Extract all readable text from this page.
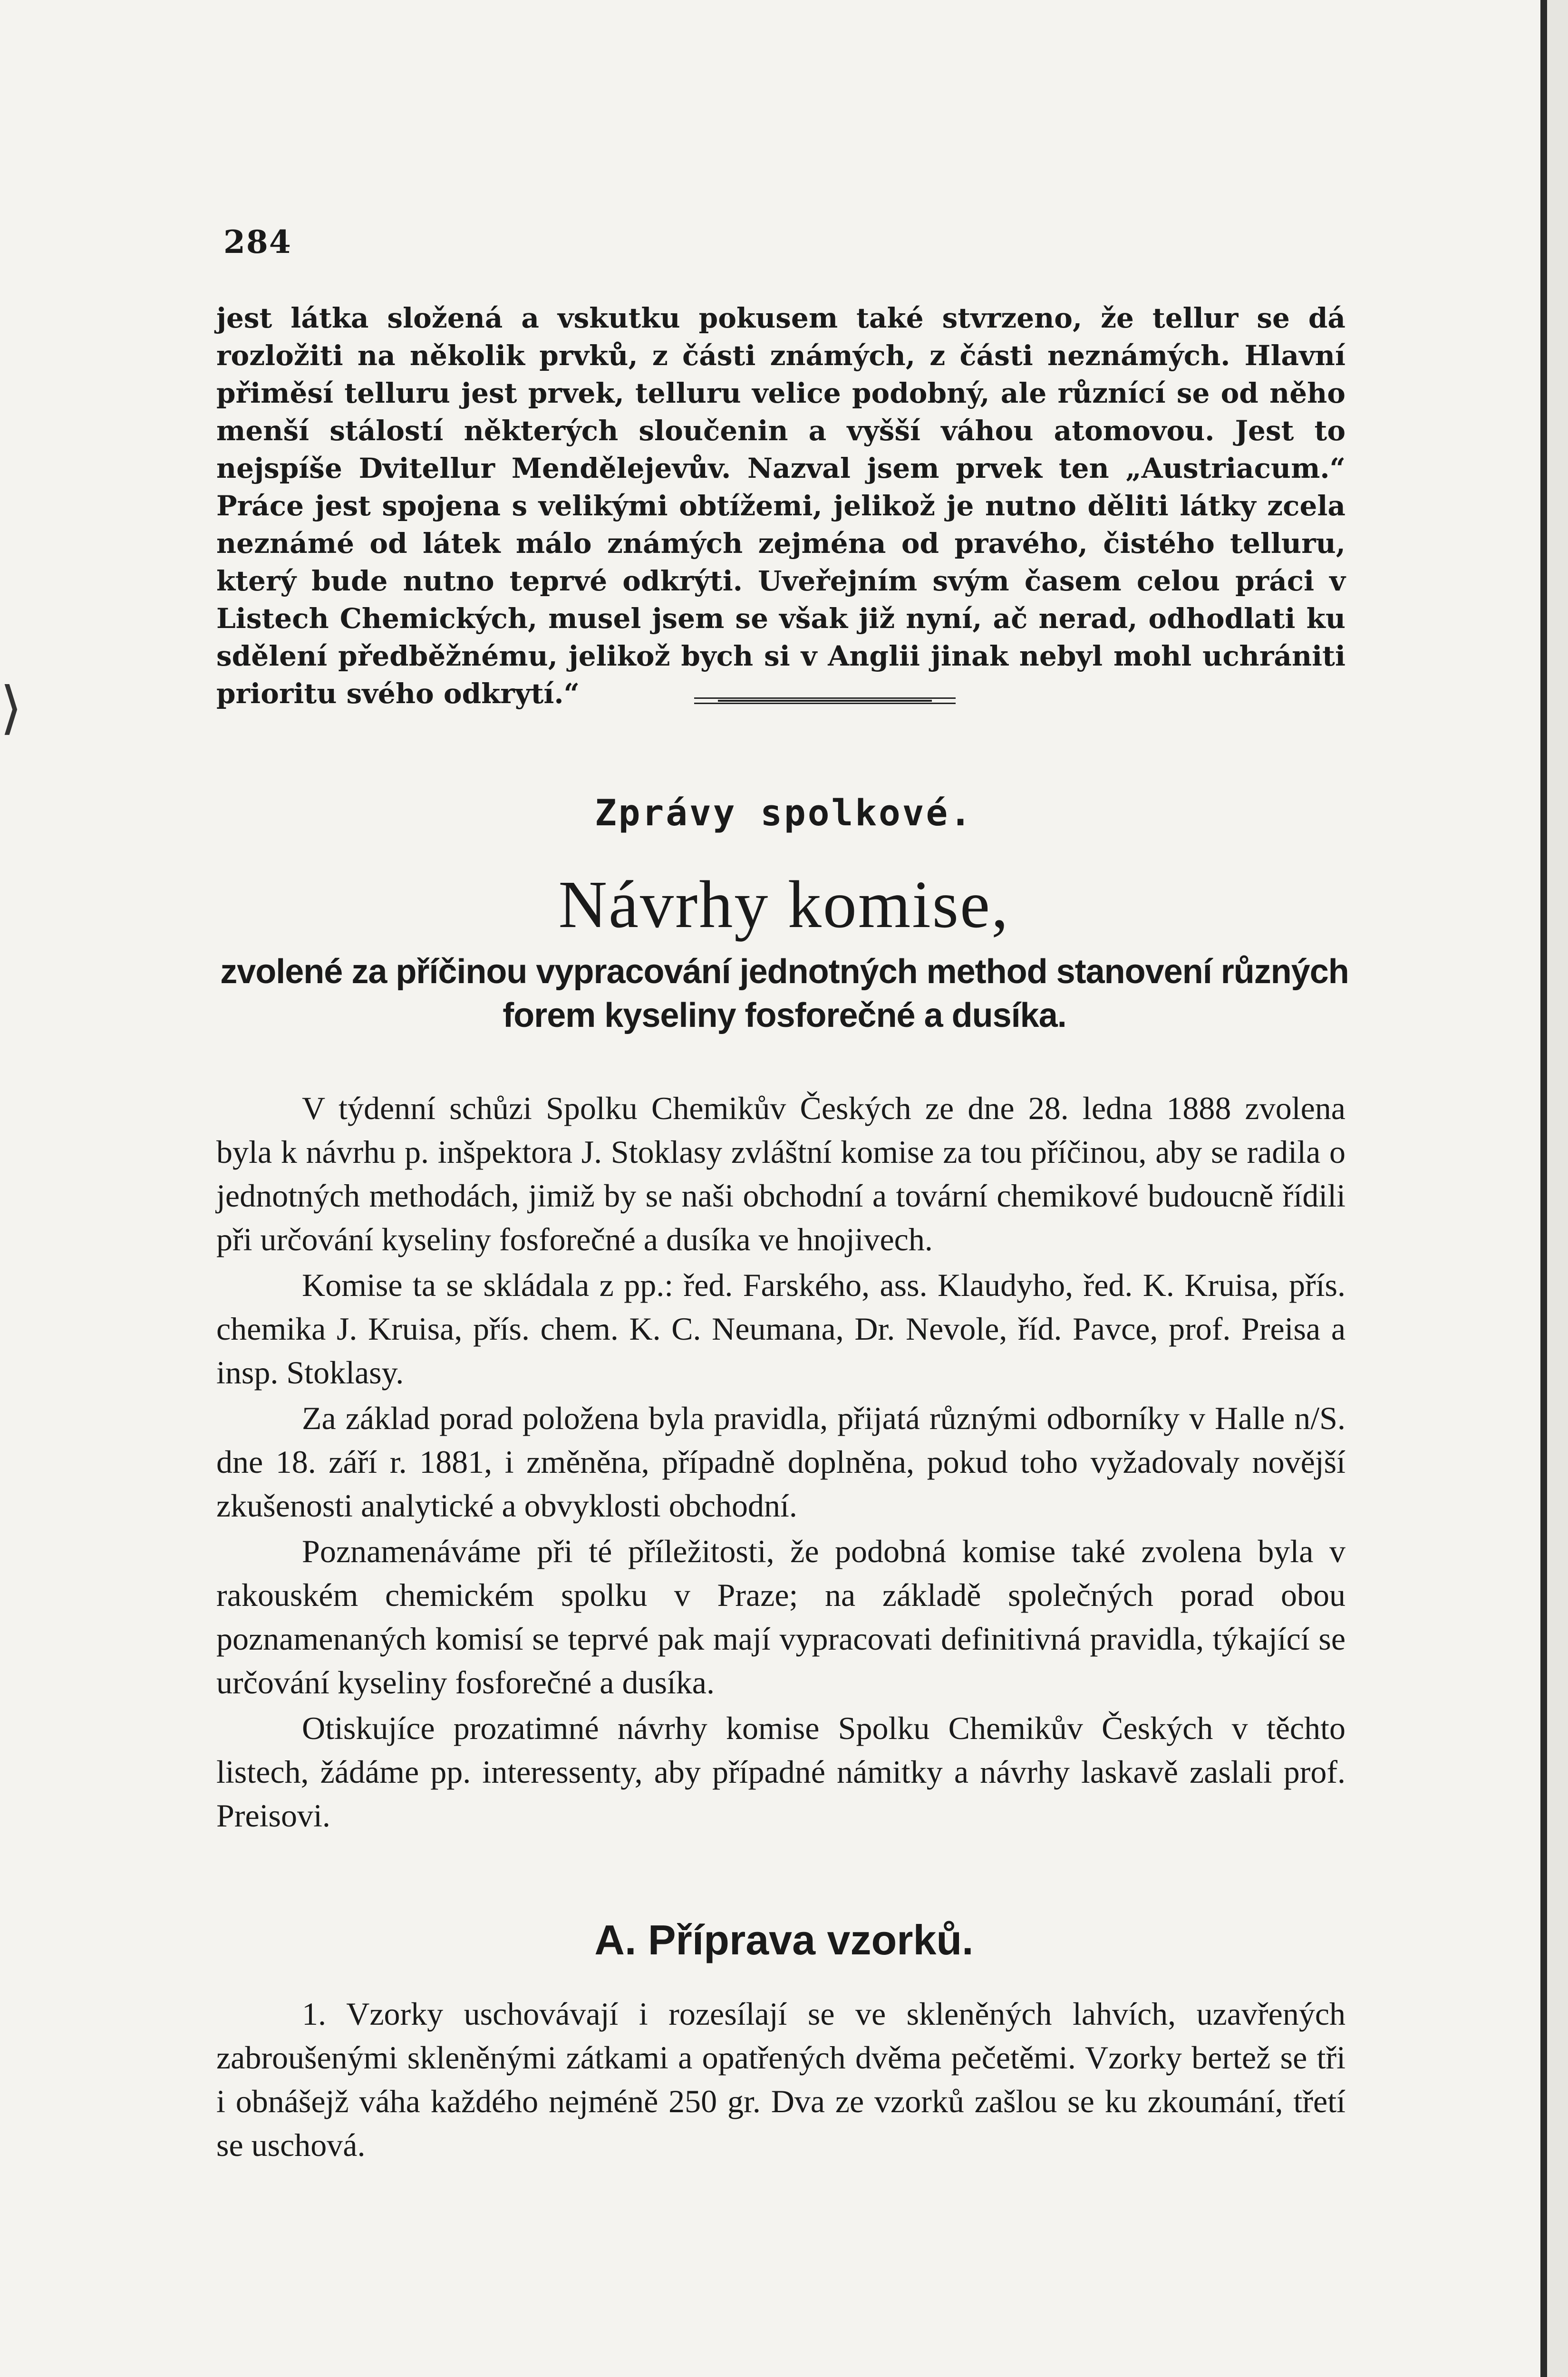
⟩
284

jest látka složená a vskutku pokusem také stvrzeno, že tellur se dá rozložiti na několik prvků, z části známých, z části neznámých. Hlavní přiměsí telluru jest prvek, telluru velice podobný, ale různící se od něho menší stálostí některých sloučenin a vyšší váhou atomovou. Jest to nejspíše Dvitellur Mendělejevův. Nazval jsem prvek ten „Austriacum.“ Práce jest spojena s velikými obtížemi, jelikož je nutno děliti látky zcela neznámé od látek málo známých zejména od pravého, čistého telluru, který bude nutno teprvé odkrýti. Uveřejním svým časem celou práci v Listech Chemických, musel jsem se však již nyní, ač nerad, odhodlati ku sdělení předběžnému, jelikož bych si v Anglii jinak nebyl mohl uchrániti prioritu svého odkrytí.“

Zprávy spolkové.
Návrhy komise,
zvolené za příčinou vypracování jednotných method stanovení různých forem kyseliny fosforečné a dusíka.

V týdenní schůzi Spolku Chemikův Českých ze dne 28. ledna 1888 zvolena byla k návrhu p. inšpektora J. Stoklasy zvláštní komise za tou příčinou, aby se radila o jednotných methodách, jimiž by se naši obchodní a tovární chemikové budoucně řídili při určování kyseliny fosforečné a dusíka ve hnojivech.

Komise ta se skládala z pp.: řed. Farského, ass. Klaudyho, řed. K. Kruisa, přís. chemika J. Kruisa, přís. chem. K. C. Neumana, Dr. Nevole, říd. Pavce, prof. Preisa a insp. Stoklasy.

Za základ porad položena byla pravidla, přijatá různými odborníky v Halle n/S. dne 18. září r. 1881, i změněna, případně doplněna, pokud toho vyžadovaly novější zkušenosti analytické a obvyklosti obchodní.

Poznamenáváme při té příležitosti, že podobná komise také zvolena byla v rakouském chemickém spolku v Praze; na základě společných porad obou poznamenaných komisí se teprvé pak mají vypracovati definitivná pravidla, týkající se určování kyseliny fosforečné a dusíka.

Otiskujíce prozatimné návrhy komise Spolku Chemikův Českých v těchto listech, žádáme pp. interessenty, aby případné námitky a návrhy laskavě zaslali prof. Preisovi.

A. Příprava vzorků.

1. Vzorky uschovávají i rozesílají se ve skleněných lahvích, uzavřených zabroušenými skleněnými zátkami a opatřených dvěma pečetěmi. Vzorky bertež se tři i obnášejž váha každého nejméně 250 gr. Dva ze vzorků zašlou se ku zkoumání, třetí se uschová.
